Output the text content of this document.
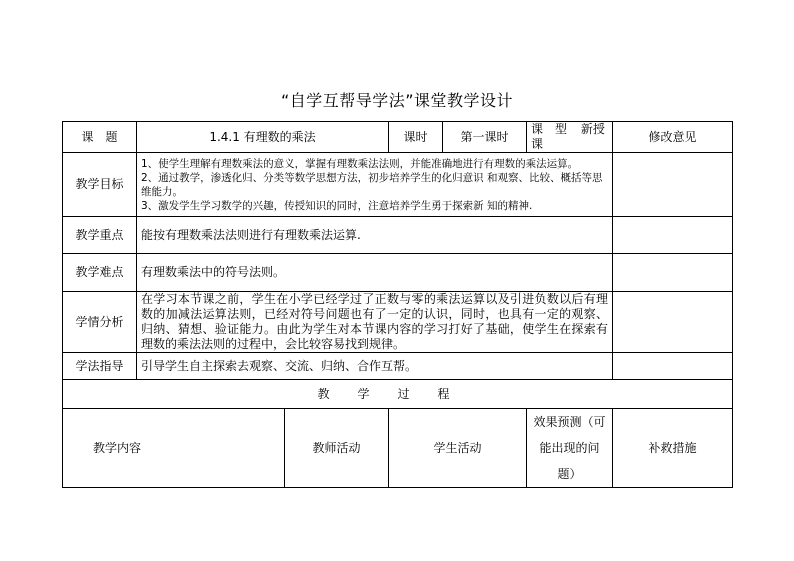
“自学互帮导学法”课堂教学设计
课　题	1.4.1 有理数的乘法		课时	第一课时	课　型 新授课	修改意见	
教学目标	1、使学生理解有理数乘法的意义，掌握有理数乘法法则，并能准确地进行有理数的乘法运算。

2、通过教学，渗透化归、分类等数学思想方法，初步培养学生的化归意识 和观察、比较、概括等思维能力。

3、激发学生学习数学的兴趣，传授知识的同时，注意培养学生勇于探索新 知的精神.						

教学重点	能按有理数乘法法则进行有理数乘法运算.						
教学难点	有理数乘法中的符号法则。						
学情分析	在学习本节课之前，学生在小学已经学过了正数与零的乘法运算以及引进负数以后有理数的加减法运算法则，已经对符号问题也有了一定的认识，同时，也具有一定的观察、归纳、猜想、验证能力。由此为学生对本节课内容的学习打好了基础，使学生在探索有理数的乘法法则的过程中，会比较容易找到规律。						
学法指导	引导学生自主探索去观察、交流、归纳、合作互帮。						
教学过程							
教学内容		教师活动	学生活动		效果预测（可能出现的问题）	补救措施	
